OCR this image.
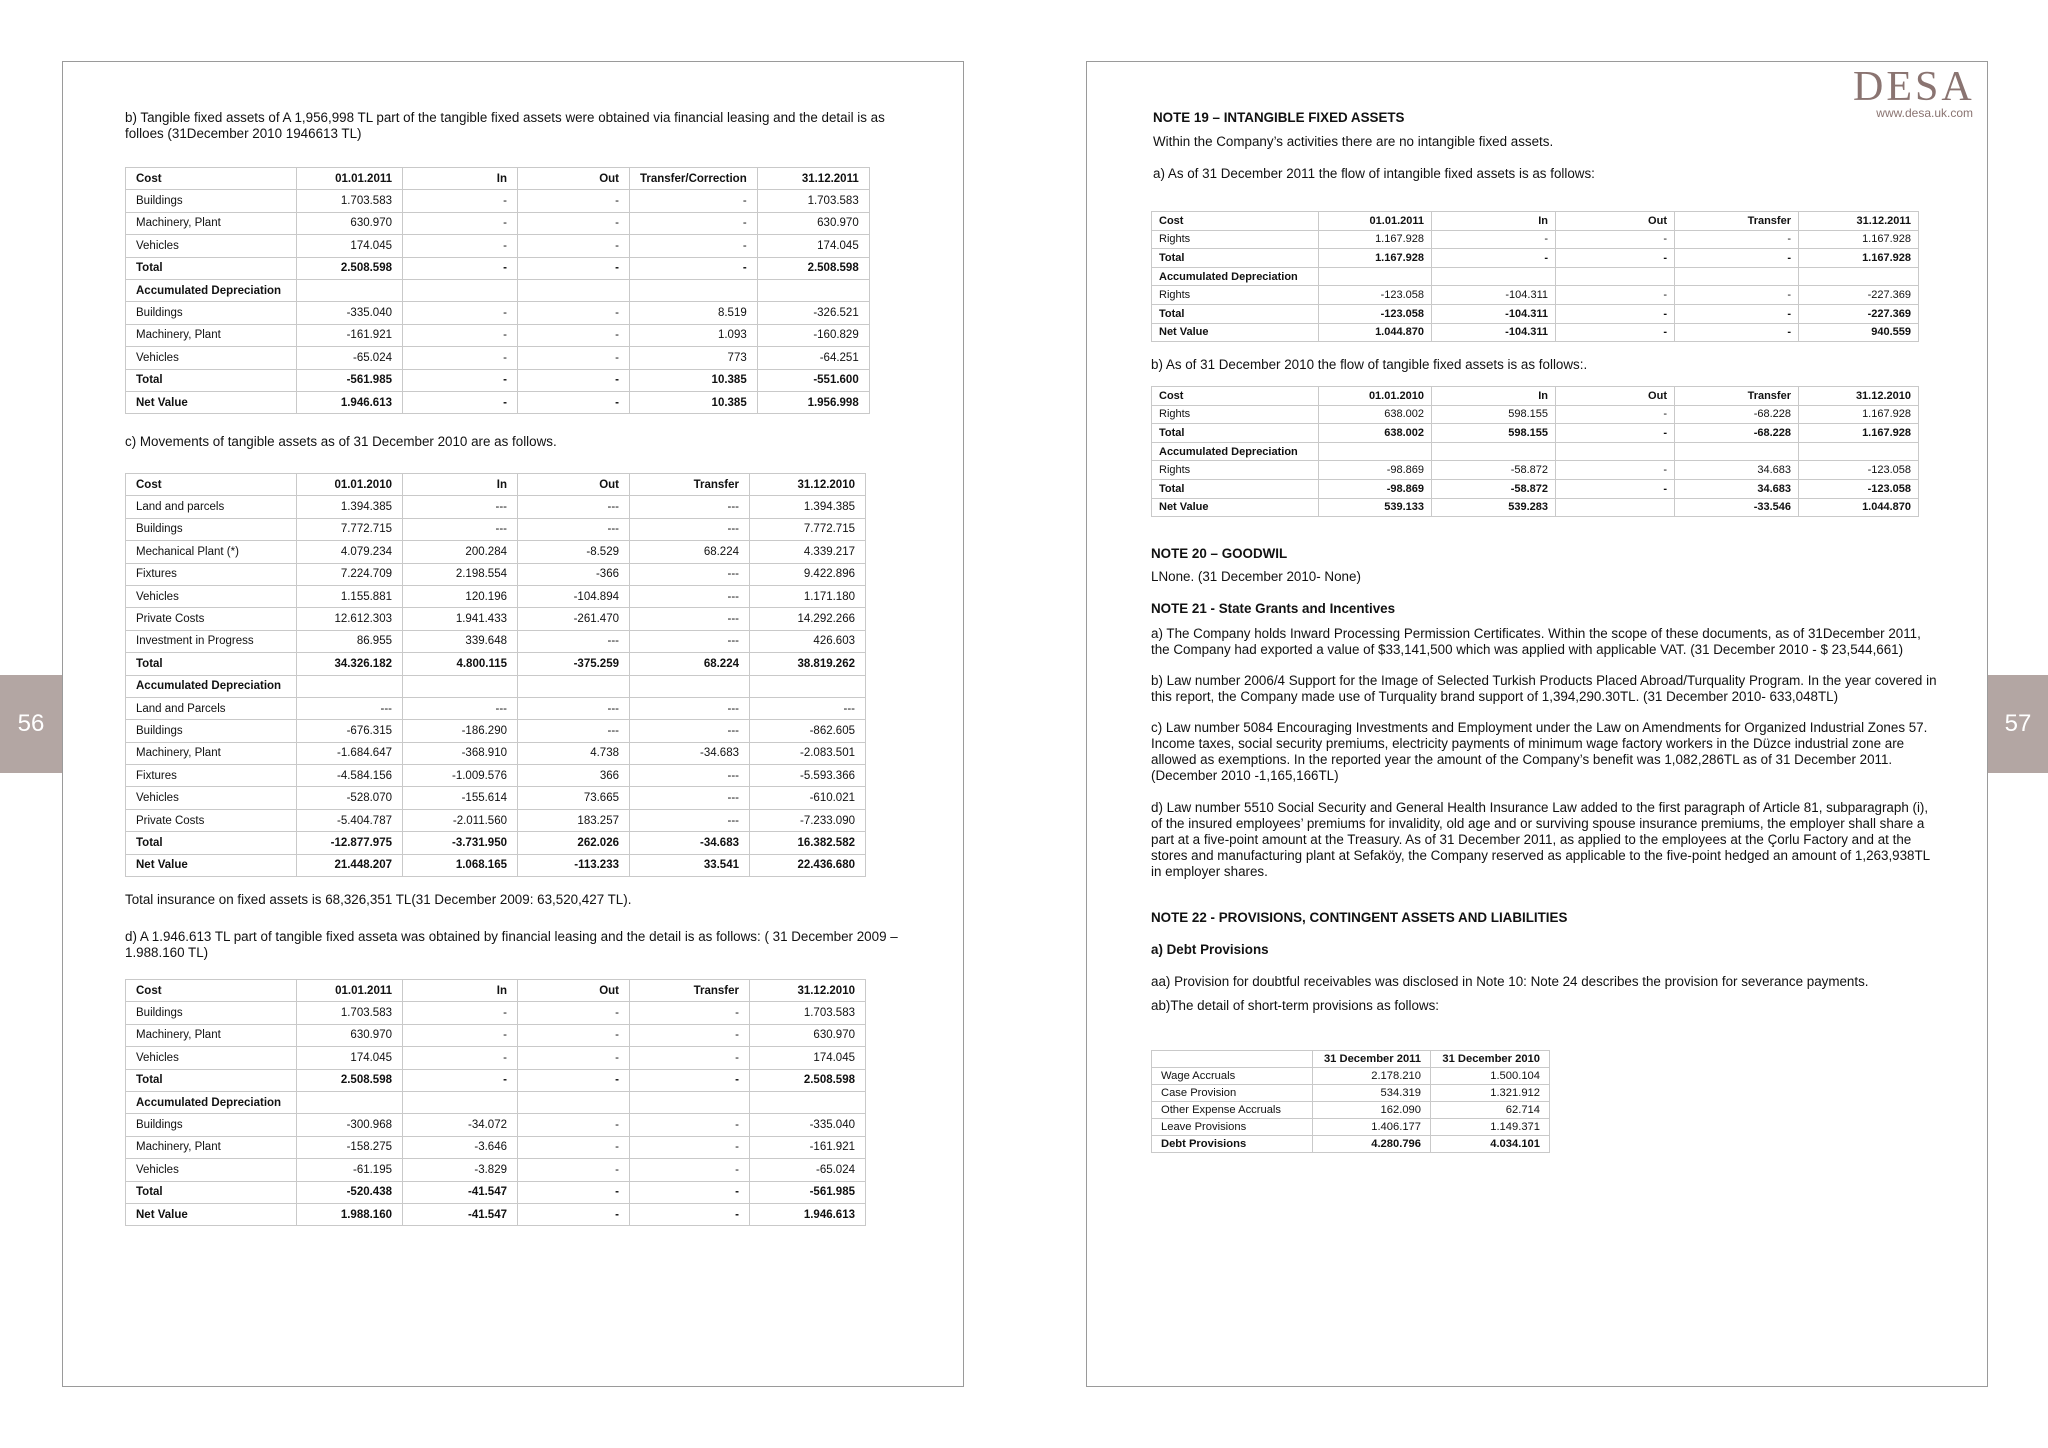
56	57

b) Tangible fixed assets of A 1,956,998 TL part of the tangible fixed assets were obtained via financial leasing and the detail is as folloes (31December 2010 1946613 TL)

Cost	01.01.2011	In	Out	Transfer/Correction	31.12.2011
Buildings	1.703.583	-	-	-	1.703.583
Machinery, Plant	630.970	-	-	-	630.970
Vehicles	174.045	-	-	-	174.045
Total	2.508.598	-	-	-	2.508.598
Accumulated Depreciation					
Buildings	-335.040	-	-	8.519	-326.521
Machinery, Plant	-161.921	-	-	1.093	-160.829
Vehicles	-65.024	-	-	773	-64.251
Total	-561.985	-	-	10.385	-551.600
Net Value	1.946.613	-	-	10.385	1.956.998

c) Movements of tangible assets as of 31 December 2010 are as follows.

Cost	01.01.2010	In	Out	Transfer	31.12.2010
Land and parcels	1.394.385	---	---	---	1.394.385
Buildings	7.772.715	---	---	---	7.772.715
Mechanical Plant (*)	4.079.234	200.284	-8.529	68.224	4.339.217
Fixtures	7.224.709	2.198.554	-366	---	9.422.896
Vehicles	1.155.881	120.196	-104.894	---	1.171.180
Private Costs	12.612.303	1.941.433	-261.470	---	14.292.266
Investment in Progress	86.955	339.648	---	---	426.603
Total	34.326.182	4.800.115	-375.259	68.224	38.819.262
Accumulated Depreciation					
Land and Parcels	---	---	---	---	---
Buildings	-676.315	-186.290	---	---	-862.605
Machinery, Plant	-1.684.647	-368.910	4.738	-34.683	-2.083.501
Fixtures	-4.584.156	-1.009.576	366	---	-5.593.366
Vehicles	-528.070	-155.614	73.665	---	-610.021
Private Costs	-5.404.787	-2.011.560	183.257	---	-7.233.090
Total	-12.877.975	-3.731.950	262.026	-34.683	16.382.582
Net Value	21.448.207	1.068.165	-113.233	33.541	22.436.680

Total insurance on fixed assets is 68,326,351 TL(31 December 2009: 63,520,427 TL).

d) A 1.946.613 TL part of tangible fixed asseta was obtained by financial leasing and the detail is as follows: ( 31 December 2009 – 1.988.160 TL)

Cost	01.01.2011	In	Out	Transfer	31.12.2010
Buildings	1.703.583	-	-	-	1.703.583
Machinery, Plant	630.970	-	-	-	630.970
Vehicles	174.045	-	-	-	174.045
Total	2.508.598	-	-	-	2.508.598
Accumulated Depreciation					
Buildings	-300.968	-34.072	-	-	-335.040
Machinery, Plant	-158.275	-3.646	-	-	-161.921
Vehicles	-61.195	-3.829	-	-	-65.024
Total	-520.438	-41.547	-	-	-561.985
Net Value	1.988.160	-41.547	-	-	1.946.613
DESA
www.desa.uk.com

NOTE 19 – INTANGIBLE FIXED ASSETS

Within the Company’s activities there are no intangible fixed assets.

a) As of 31 December 2011 the flow of intangible fixed assets is as follows:

Cost	01.01.2011	In	Out	Transfer	31.12.2011
Rights	1.167.928	-	-	-	1.167.928
Total	1.167.928	-	-	-	1.167.928
Accumulated Depreciation					
Rights	-123.058	-104.311	-	-	-227.369
Total	-123.058	-104.311	-	-	-227.369
Net Value	1.044.870	-104.311	-	-	940.559

b) As of 31 December 2010 the flow of tangible fixed assets is as follows:.

Cost	01.01.2010	In	Out	Transfer	31.12.2010
Rights	638.002	598.155	-	-68.228	1.167.928
Total	638.002	598.155	-	-68.228	1.167.928
Accumulated Depreciation					
Rights	-98.869	-58.872	-	34.683	-123.058
Total	-98.869	-58.872	-	34.683	-123.058
Net Value	539.133	539.283		-33.546	1.044.870

NOTE 20 – GOODWIL

LNone. (31 December 2010- None)

NOTE 21 - State Grants and Incentives

a) The Company holds Inward Processing Permission Certificates. Within the scope of these documents, as of 31December 2011, the Company had exported a value of $33,141,500 which was applied with applicable VAT. (31 December 2010 - $ 23,544,661)

b) Law number 2006/4 Support for the Image of Selected Turkish Products Placed Abroad/Turquality Program. In the year covered in this report, the Company made use of Turquality brand support of 1,394,290.30TL. (31 December 2010- 633,048TL)

c) Law number 5084 Encouraging Investments and Employment under the Law on Amendments for Organized Industrial Zones 57. Income taxes, social security premiums, electricity payments of minimum wage factory workers in the Düzce industrial zone are allowed as exemptions. In the reported year the amount of the Company’s benefit was 1,082,286TL as of 31 December 2011. (December 2010 -1,165,166TL)

d) Law number 5510 Social Security and General Health Insurance Law added to the first paragraph of Article 81, subparagraph (i), of the insured employees’ premiums for invalidity, old age and or surviving spouse insurance premiums, the employer shall share a part at a five-point amount at the Treasury. As of 31 December 2011, as applied to the employees at the Çorlu Factory and at the stores and manufacturing plant at Sefaköy, the Company reserved as applicable to the five-point hedged an amount of 1,263,938TL in employer shares.

NOTE 22 - PROVISIONS, CONTINGENT ASSETS AND LIABILITIES

a) Debt Provisions

aa) Provision for doubtful receivables was disclosed in Note 10: Note 24 describes the provision for severance payments.

ab)The detail of short-term provisions as follows:

	31 December 2011	31 December 2010
Wage Accruals	2.178.210	1.500.104
Case Provision	534.319	1.321.912
Other Expense Accruals	162.090	62.714
Leave Provisions	1.406.177	1.149.371
Debt Provisions	4.280.796	4.034.101
